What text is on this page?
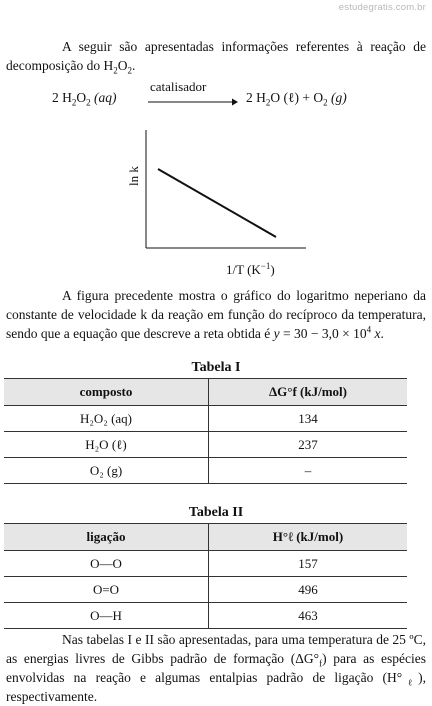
estudegratis.com.br
A seguir são apresentadas informações referentes à reação de decomposição do $H_2O_2$.
2 $H_2O_2$ (aq)
catalisador
2 $H_2O$ (ℓ) + $O_2$ (g)
ln k
1/T $(K^{-1})$
A figura precedente mostra o gráfico do logaritmo neperiano da constante de velocidade k da reação em função do recíproco da temperatura, sendo que a equação que descreve a reta obtida é $y = 30 - 3,0 \times 10^4$ x.
Tabela I
composto	ΔG°f (kJ/mol)
H₂O₂ (aq)	134
H₂O (ℓ)	237
O₂ (g)	–
Tabela II
ligação	H°ℓ (kJ/mol)
O—O	157
O=O	496
O—H	463
Nas tabelas I e II são apresentadas, para uma temperatura de 25 ºC, as energias livres de Gibbs padrão de formação $(\Delta G^\circ_f)$ para as espécies envolvidas na reação e algumas entalpias padrão de ligação $(H^\circ_\ell)$, respectivamente.
